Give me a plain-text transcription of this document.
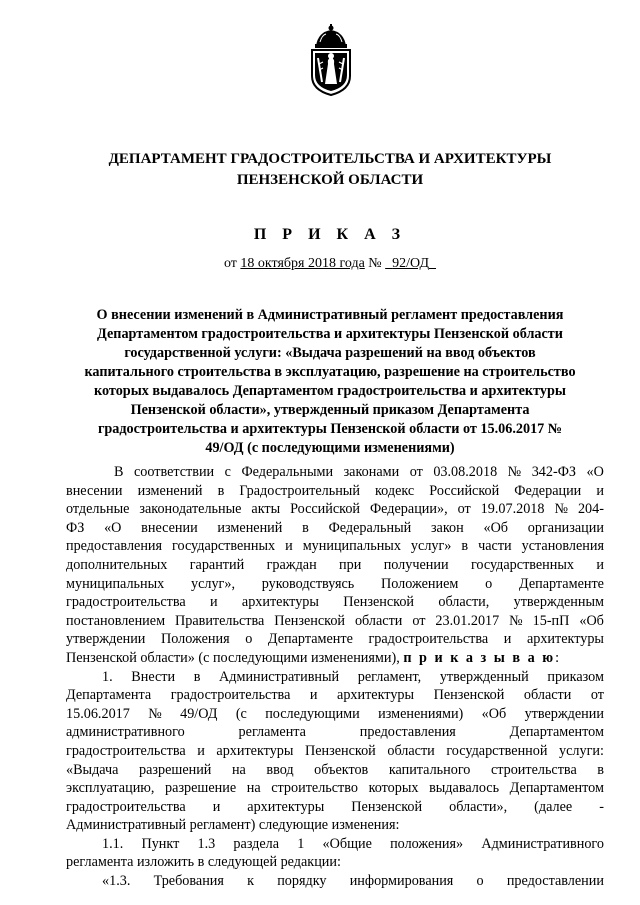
ДЕПАРТАМЕНТ ГРАДОСТРОИТЕЛЬСТВА И АРХИТЕКТУРЫ
ПЕНЗЕНСКОЙ ОБЛАСТИ
П Р И К А З
от 18 октября 2018 года № 92/ОД
О внесении изменений в Административный регламент предоставления
Департаментом градостроительства и архитектуры Пензенской области
государственной услуги: «Выдача разрешений на ввод объектов
капитального строительства в эксплуатацию, разрешение на строительство
которых выдавалось Департаментом градостроительства и архитектуры
Пензенской области», утвержденный приказом Департамента
градостроительства и архитектуры Пензенской области от 15.06.2017 №
49/ОД (с последующими изменениями)
В соответствии с Федеральными законами от 03.08.2018 № 342-ФЗ «О
внесении изменений в Градостроительный кодекс Российской Федерации и
отдельные законодательные акты Российской Федерации», от 19.07.2018 № 204-
ФЗ «О внесении изменений в Федеральный закон «Об организации
предоставления государственных и муниципальных услуг» в части установления
дополнительных гарантий граждан при получении государственных и
муниципальных услуг», руководствуясь Положением о Департаменте
градостроительства и архитектуры Пензенской области, утвержденным
постановлением Правительства Пензенской области от 23.01.2017 № 15-пП «Об
утверждении Положения о Департаменте градостроительства и архитектуры
Пензенской области» (с последующими изменениями),
п р и к а з ы в а ю :
1. Внести в Административный регламент, утвержденный приказом
Департамента градостроительства и архитектуры Пензенской области от
15.06.2017 № 49/ОД (с последующими изменениями) «Об утверждении
административного	регламента	предоставления	Департаментом
градостроительства и архитектуры Пензенской области государственной услуги:
«Выдача разрешений на ввод объектов капитального строительства в
эксплуатацию, разрешение на строительство которых выдавалось Департаментом
градостроительства и архитектуры Пензенской области», (далее -
Административный регламент) следующие изменения:
1.1. Пункт 1.3 раздела 1 «Общие положения» Административного
регламента изложить в следующей редакции:
«1.3. Требования к порядку информирования о предоставлении
